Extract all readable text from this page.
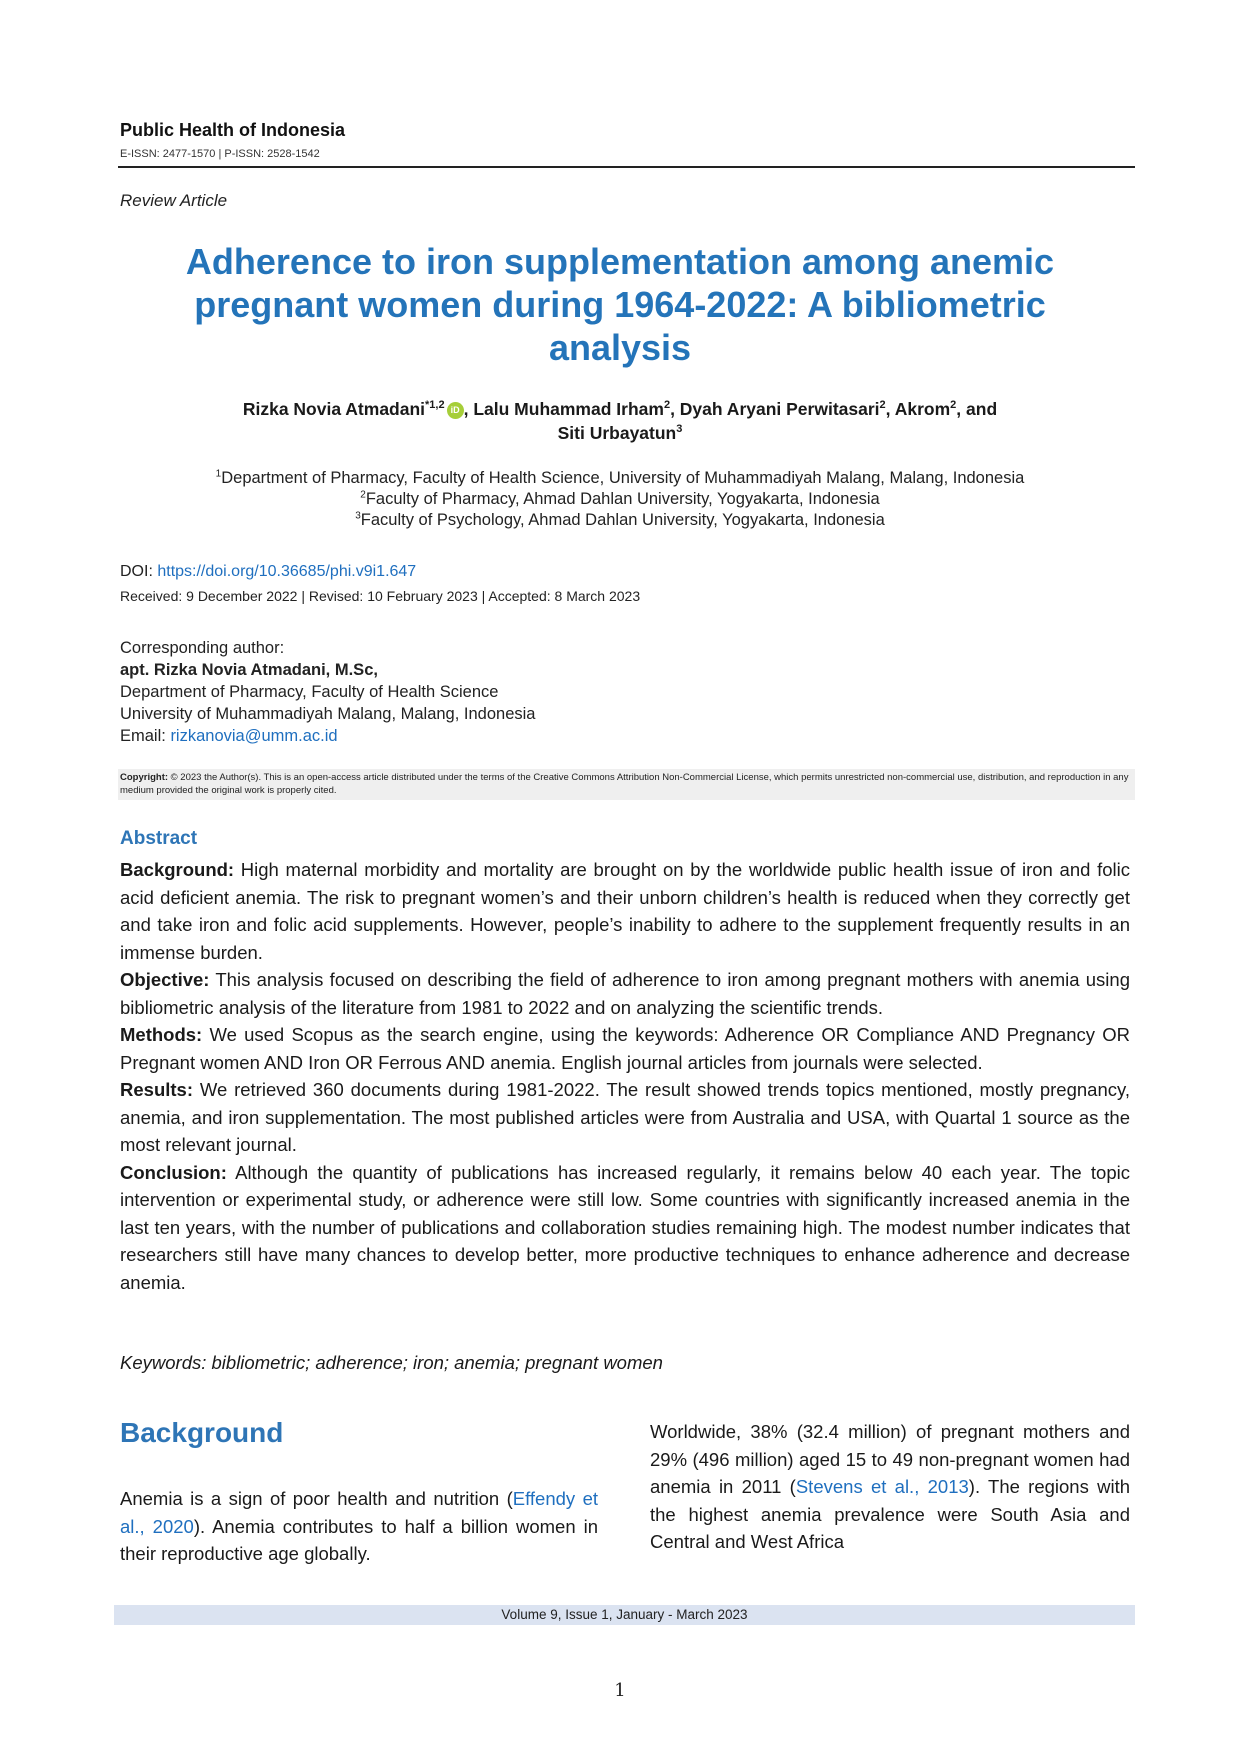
Public Health of Indonesia
E-ISSN: 2477-1570 | P-ISSN: 2528-1542
Review Article
Adherence to iron supplementation among anemic pregnant women during 1964-2022: A bibliometric analysis
Rizka Novia Atmadani$^{*1,2}$ iD , Lalu Muhammad Irham$^2$, Dyah Aryani Perwitasari$^2$, Akrom$^2$, and
Siti Urbayatun$^3$
$^1$Department of Pharmacy, Faculty of Health Science, University of Muhammadiyah Malang, Malang, Indonesia
$^2$Faculty of Pharmacy, Ahmad Dahlan University, Yogyakarta, Indonesia
$^3$Faculty of Psychology, Ahmad Dahlan University, Yogyakarta, Indonesia
DOI: https://doi.org/10.36685/phi.v9i1.647
Received: 9 December 2022 | Revised: 10 February 2023 | Accepted: 8 March 2023
Corresponding author:
apt. Rizka Novia Atmadani, M.Sc,
Department of Pharmacy, Faculty of Health Science
University of Muhammadiyah Malang, Malang, Indonesia
Email: rizkanovia@umm.ac.id
Copyright: © 2023 the Author(s). This is an open-access article distributed under the terms of the Creative Commons Attribution Non-Commercial License, which permits unrestricted non-commercial use, distribution, and reproduction in any medium provided the original work is properly cited.
Abstract

Background: High maternal morbidity and mortality are brought on by the worldwide public health issue of iron and folic acid deficient anemia. The risk to pregnant women’s and their unborn children’s health is reduced when they correctly get and take iron and folic acid supplements. However, people’s inability to adhere to the supplement frequently results in an immense burden.

Objective: This analysis focused on describing the field of adherence to iron among pregnant mothers with anemia using bibliometric analysis of the literature from 1981 to 2022 and on analyzing the scientific trends.

Methods: We used Scopus as the search engine, using the keywords: Adherence OR Compliance AND Pregnancy OR Pregnant women AND Iron OR Ferrous AND anemia. English journal articles from journals were selected.

Results: We retrieved 360 documents during 1981-2022. The result showed trends topics mentioned, mostly pregnancy, anemia, and iron supplementation. The most published articles were from Australia and USA, with Quartal 1 source as the most relevant journal.

Conclusion: Although the quantity of publications has increased regularly, it remains below 40 each year. The topic intervention or experimental study, or adherence were still low. Some countries with significantly increased anemia in the last ten years, with the number of publications and collaboration studies remaining high. The modest number indicates that researchers still have many chances to develop better, more productive techniques to enhance adherence and decrease anemia.

Keywords: bibliometric; adherence; iron; anemia; pregnant women
Background
Anemia is a sign of poor health and nutrition (Effendy et al., 2020). Anemia contributes to half a billion women in their reproductive age globally.
Worldwide, 38% (32.4 million) of pregnant mothers and 29% (496 million) aged 15 to 49 non-pregnant women had anemia in 2011 (Stevens et al., 2013). The regions with the highest anemia prevalence were South Asia and Central and West Africa
Volume 9, Issue 1, January - March 2023
1
